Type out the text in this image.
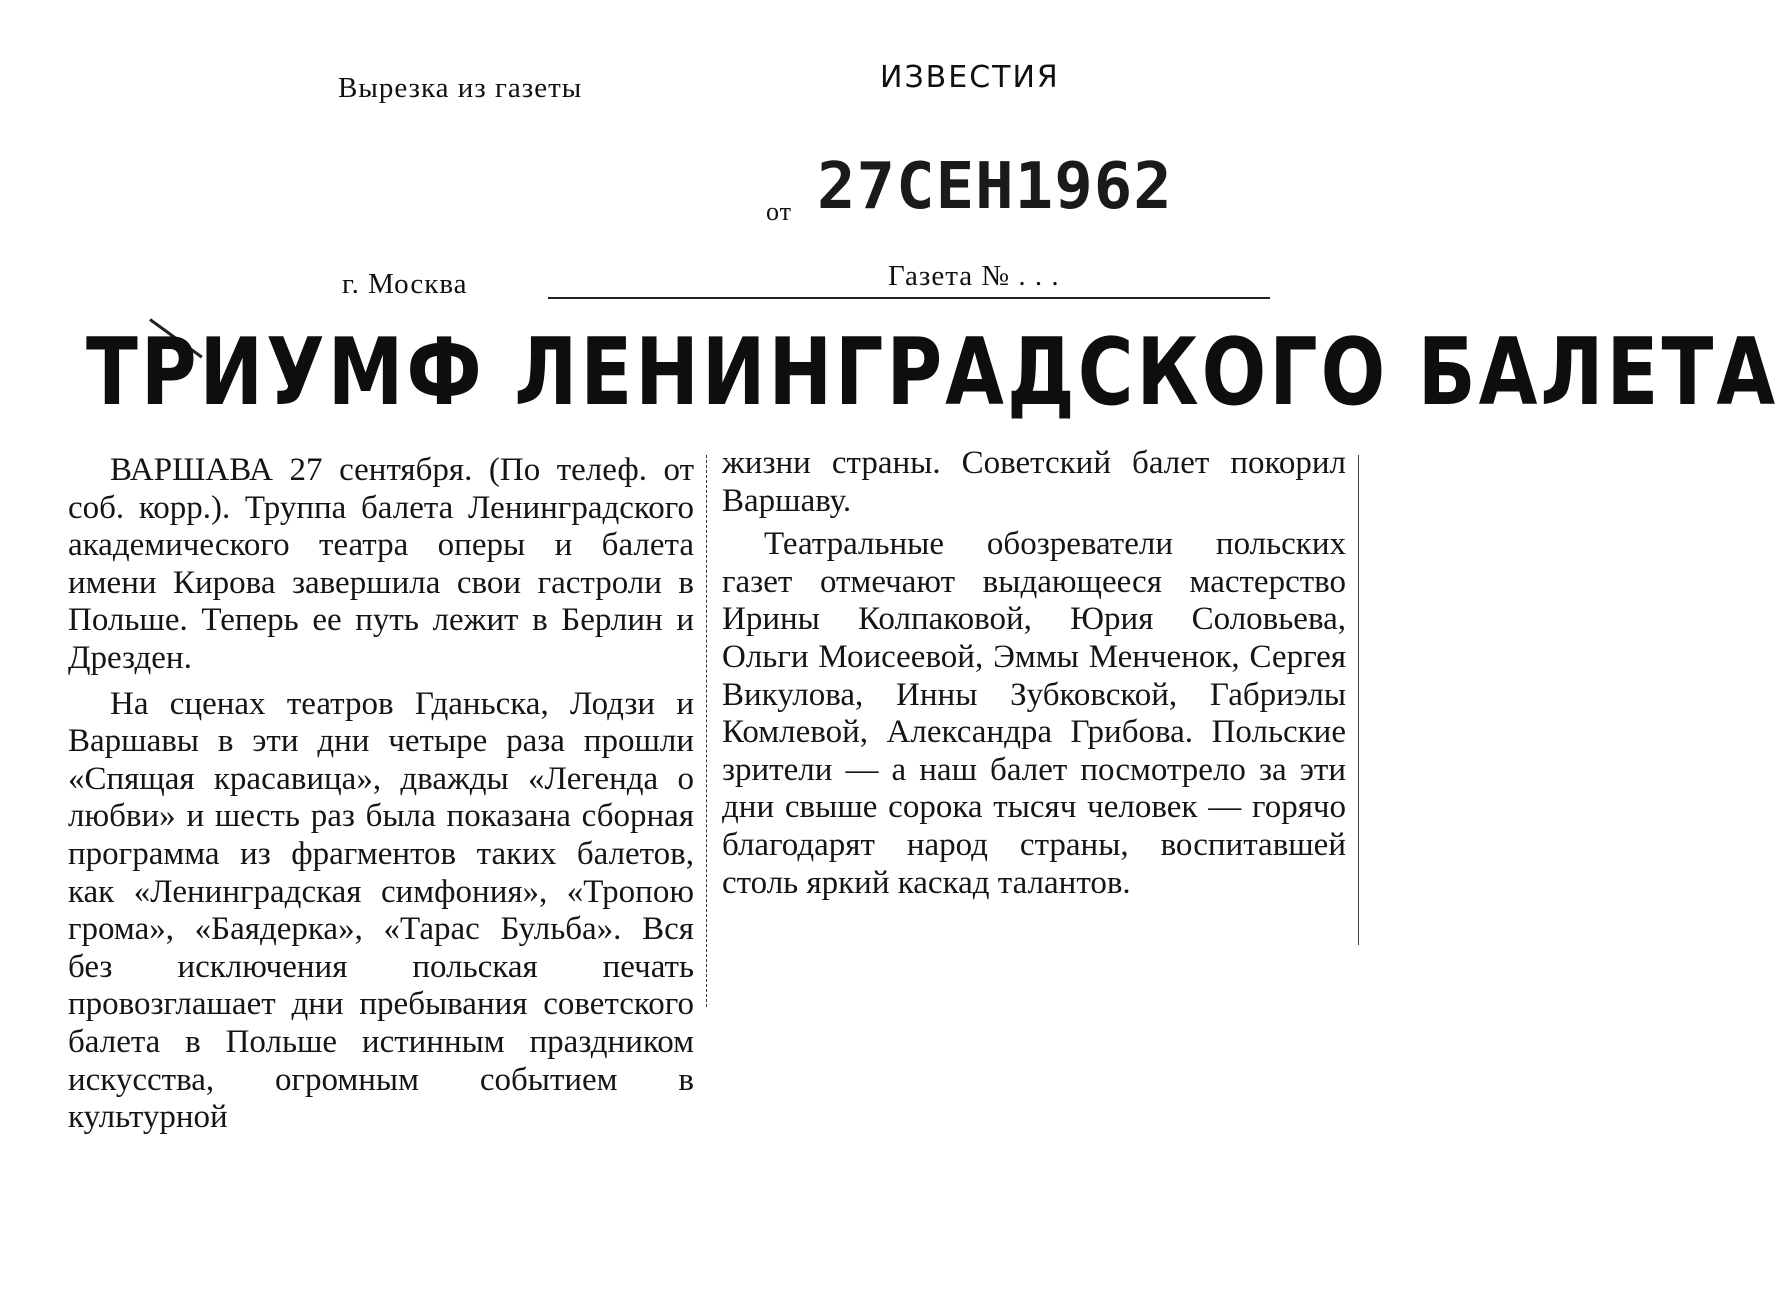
Вырезка из газеты	ИЗВЕСТИЯ
от 27СЕН1962
г. Москва	Газета № . . .
ТРИУМФ ЛЕНИНГРАДСКОГО БАЛЕТА

ВАРШАВА 27 сентября. (По телеф. от соб. корр.). Труппа балета Ленинградского академического театра оперы и балета имени Кирова завершила свои гастроли в Польше. Теперь ее путь лежит в Берлин и Дрезден.

На сценах театров Гданьска, Лодзи и Варшавы в эти дни четыре раза прошли «Спящая красавица», дважды «Легенда о любви» и шесть раз была показана сборная программа из фрагментов таких балетов, как «Ленинградская симфония», «Тропою грома», «Баядерка», «Тарас Бульба». Вся без исключения польская печать провозглашает дни пребывания советского балета в Польше истинным праздником искусства, огромным событием в культурной

жизни страны. Советский балет покорил Варшаву.

Театральные обозреватели польских газет отмечают выдающееся мастерство Ирины Колпаковой, Юрия Соловьева, Ольги Моисеевой, Эммы Менченок, Сергея Викулова, Инны Зубковской, Габриэлы Комлевой, Александра Грибова. Польские зрители — а наш балет посмотрело за эти дни свыше сорока тысяч человек — горячо благодарят народ страны, воспитавшей столь яркий каскад талантов.
